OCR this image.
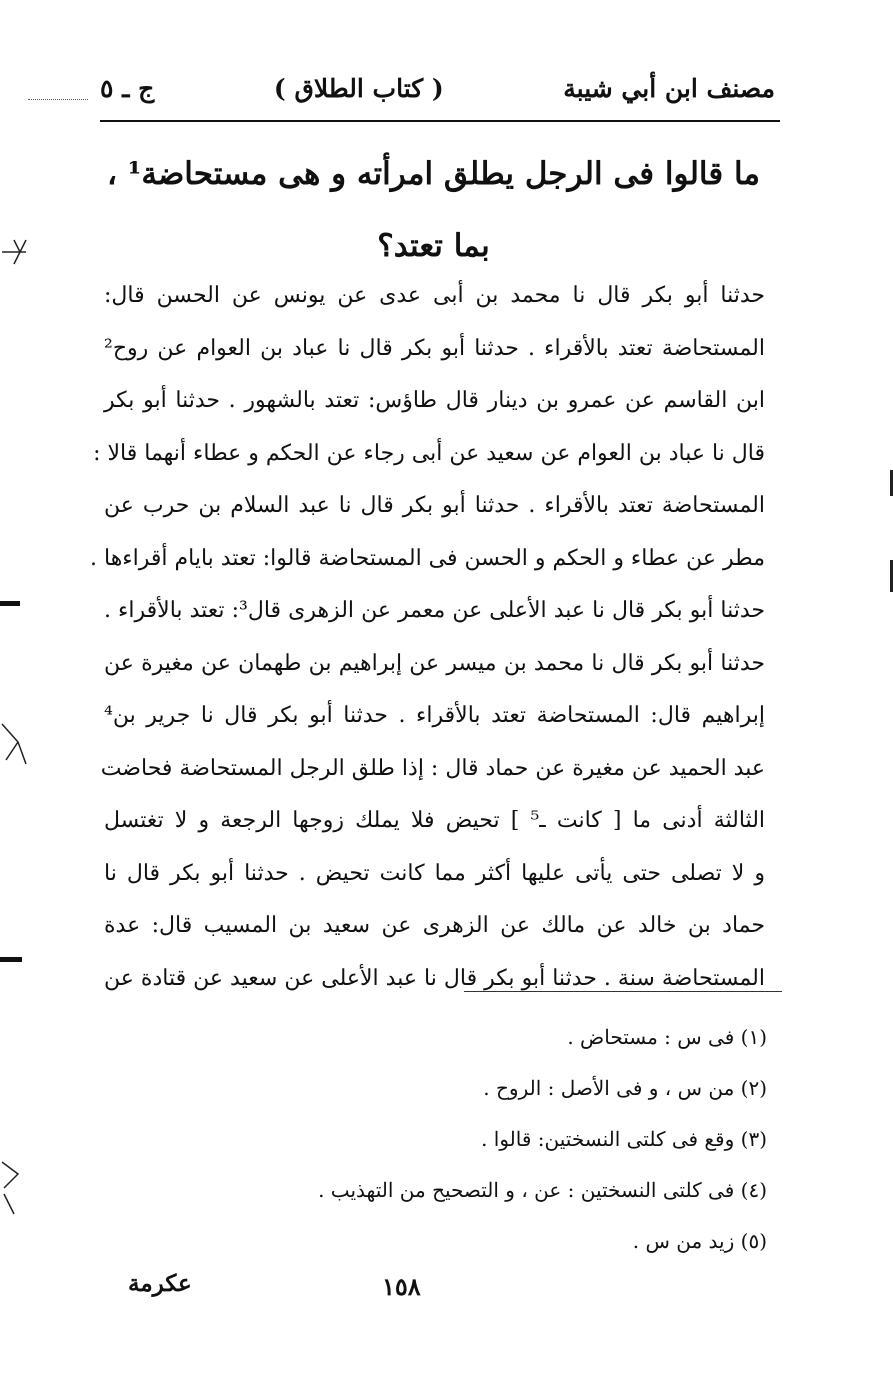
مصنف ابن أبي شيبة
( كتاب الطلاق )
ج ـ ٥
ما قالوا فى الرجل يطلق امرأته و هى مستحاضة¹ ،
بما تعتد؟
حدثنا أبو بكر قال نا محمد بن أبى عدى عن يونس عن الحسن قال:
المستحاضة تعتد بالأقراء . حدثنا أبو بكر قال نا عباد بن العوام عن روح²
ابن القاسم عن عمرو بن دينار قال طاؤس: تعتد بالشهور . حدثنا أبو بكر
قال نا عباد بن العوام عن سعيد عن أبى رجاء عن الحكم و عطاء أنهما قالا :
المستحاضة تعتد بالأقراء . حدثنا أبو بكر قال نا عبد السلام بن حرب عن
مطر عن عطاء و الحكم و الحسن فى المستحاضة قالوا: تعتد بايام أقراءها .
حدثنا أبو بكر قال نا عبد الأعلى عن معمر عن الزهرى قال³: تعتد بالأقراء .
حدثنا أبو بكر قال نا محمد بن ميسر عن إبراهيم بن طهمان عن مغيرة عن
إبراهيم قال: المستحاضة تعتد بالأقراء . حدثنا أبو بكر قال نا جرير بن⁴
عبد الحميد عن مغيرة عن حماد قال : إذا طلق الرجل المستحاضة فحاضت
الثالثة أدنى ما [ كانت ـ⁵ ] تحيض فلا يملك زوجها الرجعة و لا تغتسل
و لا تصلى حتى يأتى عليها أكثر مما كانت تحيض . حدثنا أبو بكر قال نا
حماد بن خالد عن مالك عن الزهرى عن سعيد بن المسيب قال: عدة
المستحاضة سنة . حدثنا أبو بكر قال نا عبد الأعلى عن سعيد عن قتادة عن
(١) فى س : مستحاض .
(٢) من س ، و فى الأصل : الروح .
(٣) وقع فى كلتى النسختين: قالوا .
(٤) فى كلتى النسختين : عن ، و التصحيح من التهذيب .
(٥) زيد من س .
١٥٨
عكرمة
